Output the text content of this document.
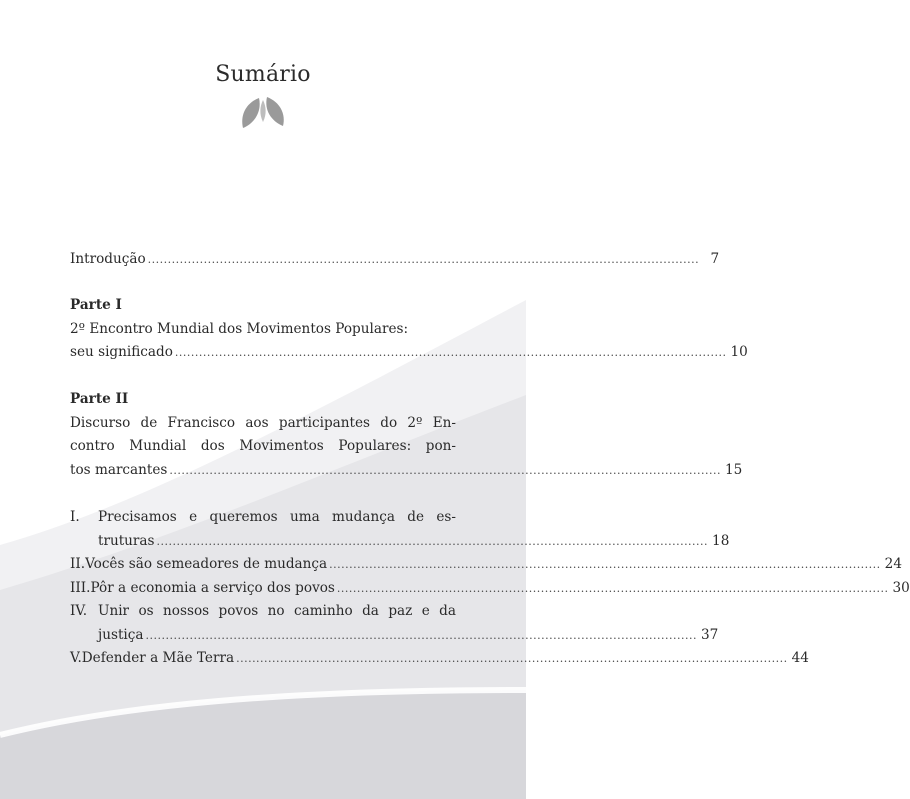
Sumário
Introdução .......................................................................................................................................... 7
Parte I
2º Encontro Mundial dos Movimentos Populares:
seu significado .......................................................................................................................................... 10
Parte II
Discurso de Francisco aos participantes do 2º En-
contro Mundial dos Movimentos Populares: pon-
tos marcantes .......................................................................................................................................... 15
I.	Precisamos e queremos uma mudança de es-
truturas .......................................................................................................................................... 18
II. Vocês são semeadores de mudança .......................................................................................................................................... 24
III. Pôr a economia a serviço dos povos .......................................................................................................................................... 30
IV. Unir os nossos povos no caminho da paz e da
justiça .......................................................................................................................................... 37
V. Defender a Mãe Terra .......................................................................................................................................... 44
